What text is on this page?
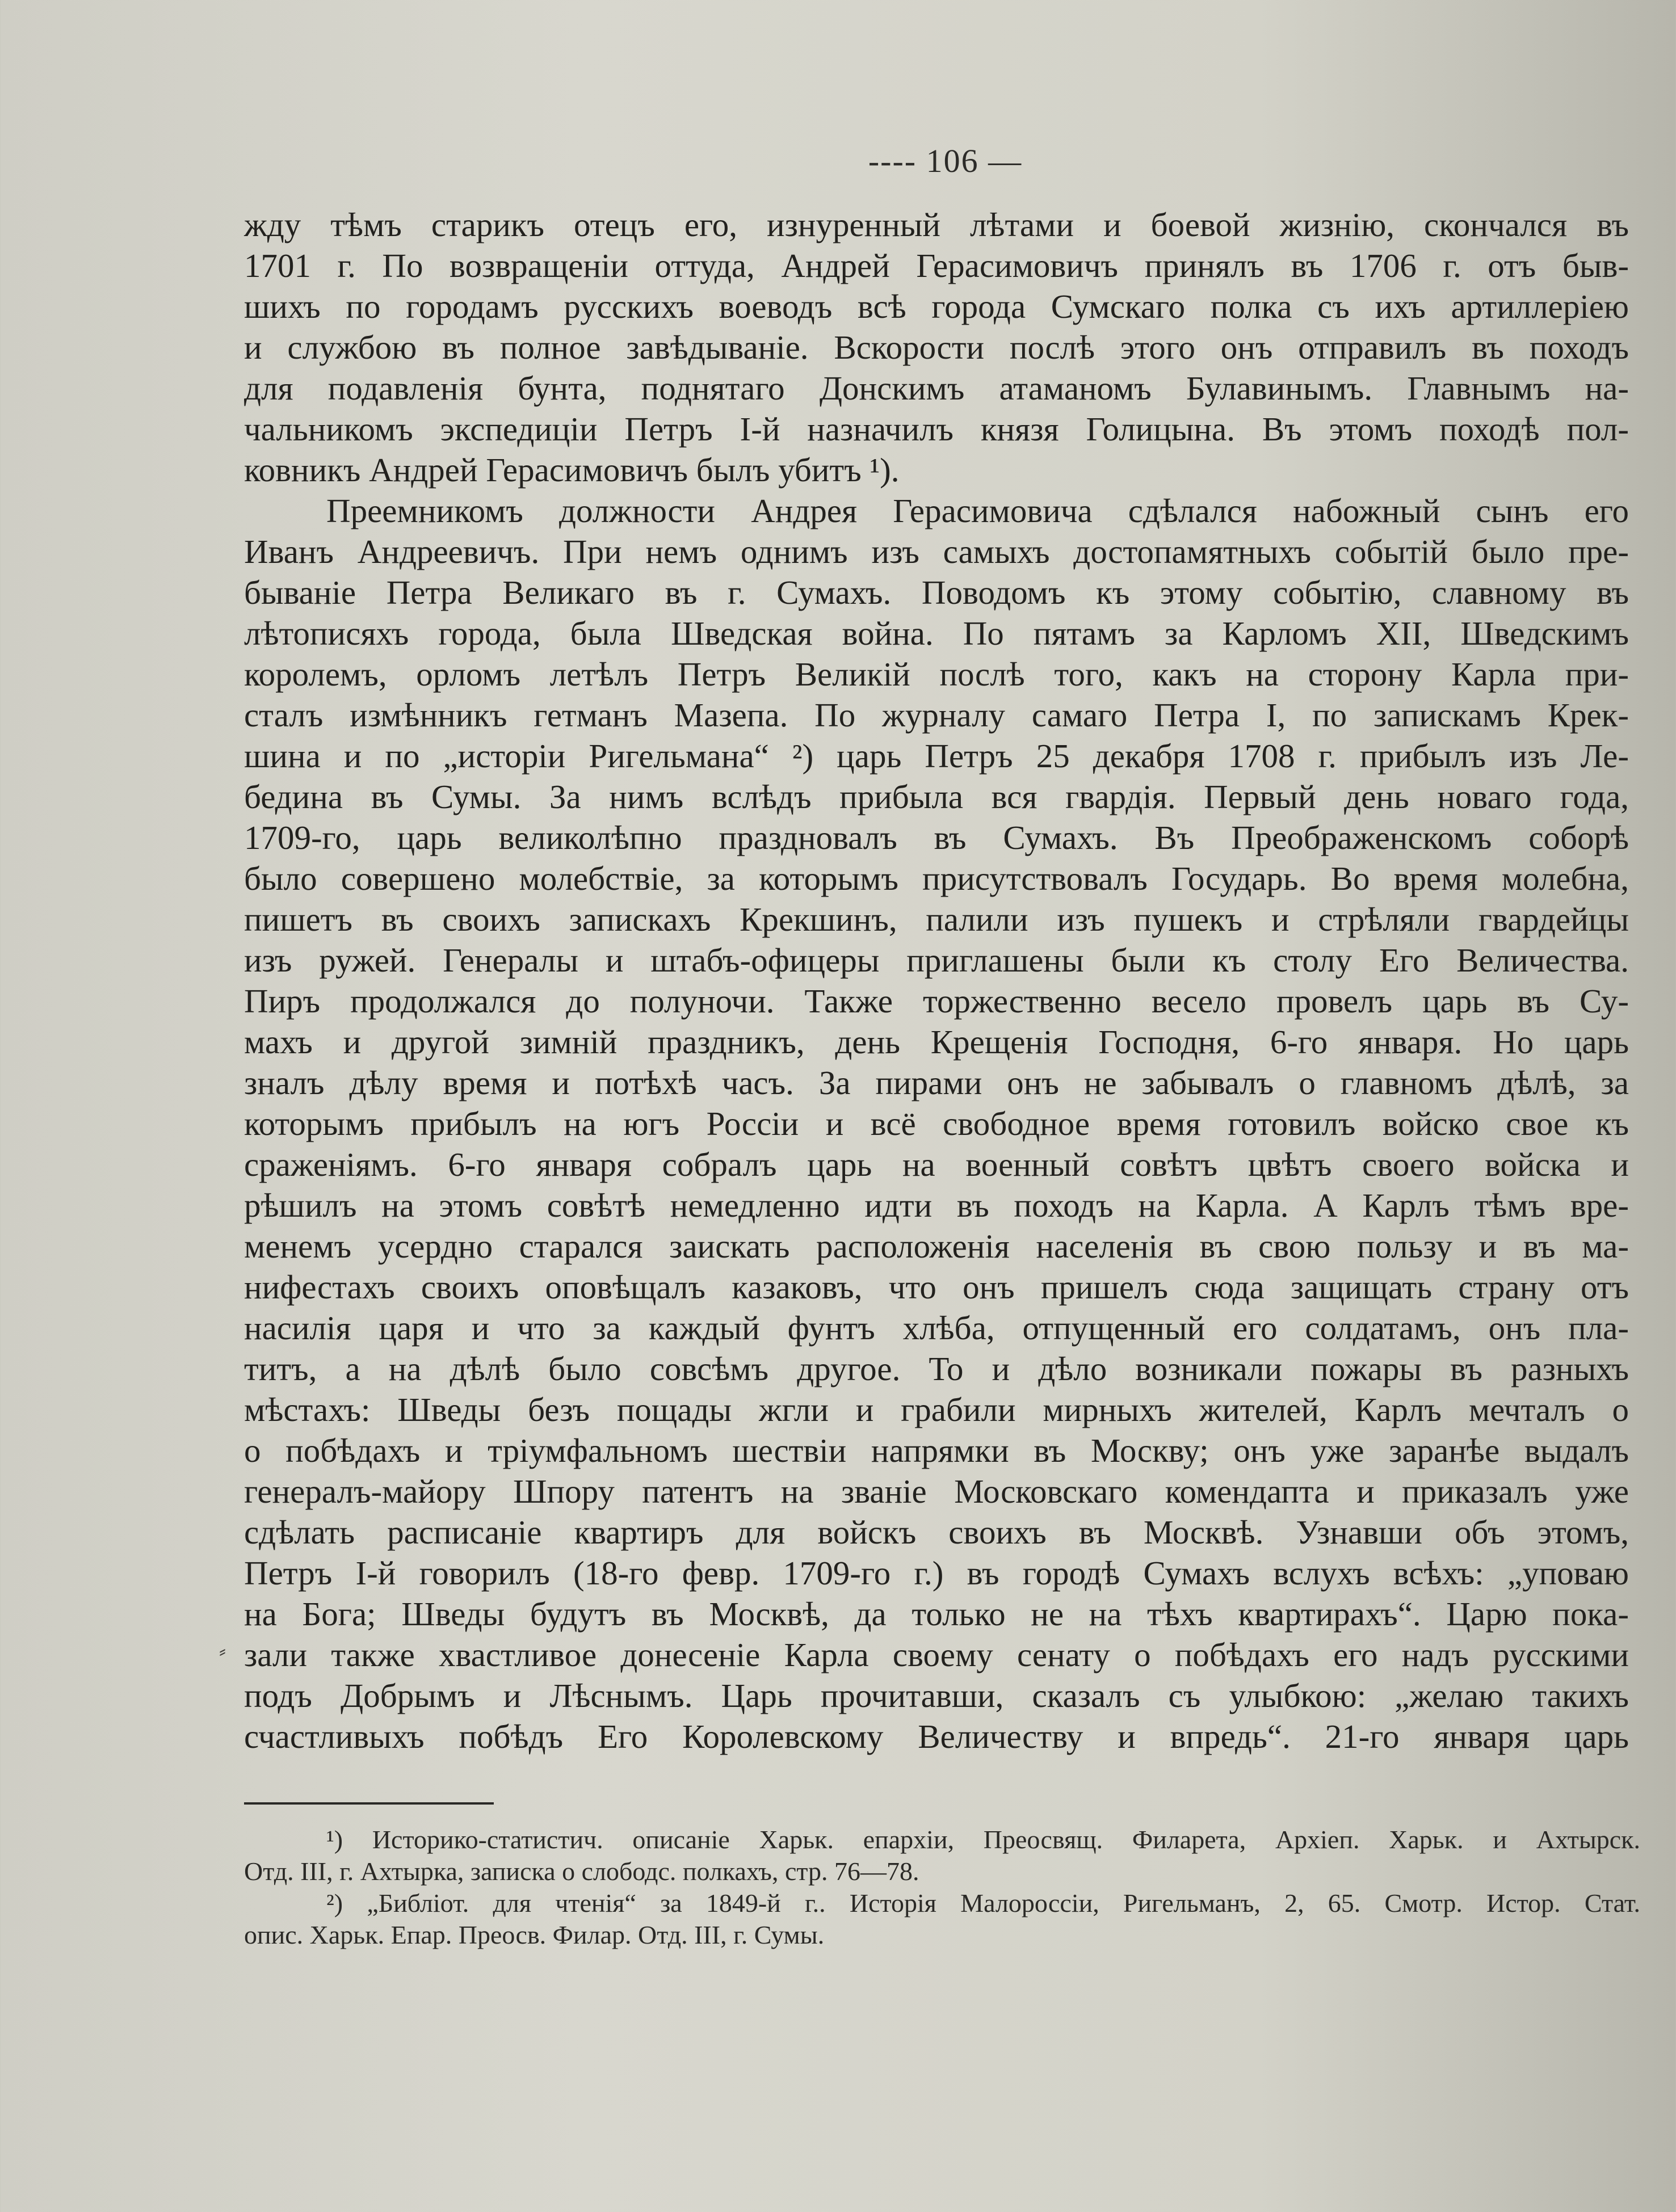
---- 106 —
жду тѣмъ старикъ отецъ его, изнуренный лѣтами и боевой жизнію, скончался въ
1701 г. По возвращеніи оттуда, Андрей Герасимовичъ принялъ въ 1706 г. отъ быв-
шихъ по городамъ русскихъ воеводъ всѣ города Сумскаго полка съ ихъ артиллеріею
и службою въ полное завѣдываніе. Вскорости послѣ этого онъ отправилъ въ походъ
для подавленія бунта, поднятаго Донскимъ атаманомъ Булавинымъ. Главнымъ на-
чальникомъ экспедиціи Петръ I-й назначилъ князя Голицына. Въ этомъ походѣ пол-
ковникъ Андрей Герасимовичъ былъ убитъ ¹).
Преемникомъ должности Андрея Герасимовича сдѣлался набожный сынъ его
Иванъ Андреевичъ. При немъ однимъ изъ самыхъ достопамятныхъ событій было пре-
быванiе Петра Великаго въ г. Сумахъ. Поводомъ къ этому событію, славному въ
лѣтописяхъ города, была Шведская война. По пятамъ за Карломъ XII, Шведскимъ
королемъ, орломъ летѣлъ Петръ Великій послѣ того, какъ на сторону Карла при-
сталъ измѣнникъ гетманъ Мазепа. По журналу самаго Петра I, по запискамъ Крек-
шина и по „исторіи Ригельмана“ ²) царь Петръ 25 декабря 1708 г. прибылъ изъ Ле-
бедина въ Сумы. За нимъ вслѣдъ прибыла вся гвардія. Первый день новаго года,
1709-го, царь великолѣпно праздновалъ въ Сумахъ. Въ Преображенскомъ соборѣ
было совершено молебствіе, за которымъ присутствовалъ Государь. Во время молебна,
пишетъ въ своихъ запискахъ Крекшинъ, палили изъ пушекъ и стрѣляли гвардейцы
изъ ружей. Генералы и штабъ-офицеры приглашены были къ столу Его Величества.
Пиръ продолжался до полуночи. Также торжественно весело провелъ царь въ Су-
махъ и другой зимній праздникъ, день Крещенія Господня, 6-го января. Но царь
зналъ дѣлу время и потѣхѣ часъ. За пирами онъ не забывалъ о главномъ дѣлѣ, за
которымъ прибылъ на югъ Россіи и всё свободное время готовилъ войско свое къ
сраженіямъ. 6-го января собралъ царь на военный совѣтъ цвѣтъ своего войска и
рѣшилъ на этомъ совѣтѣ немедленно идти въ походъ на Карла. А Карлъ тѣмъ вре-
менемъ усердно старался заискать расположенія населенія въ свою пользу и въ ма-
нифестахъ своихъ оповѣщалъ казаковъ, что онъ пришелъ сюда защищать страну отъ
насилія царя и что за каждый фунтъ хлѣба, отпущенный его солдатамъ, онъ пла-
титъ, а на дѣлѣ было совсѣмъ другое. То и дѣло возникали пожары въ разныхъ
мѣстахъ: Шведы безъ пощады жгли и грабили мирныхъ жителей, Карлъ мечталъ о
о побѣдахъ и тріумфальномъ шествіи напрямки въ Москву; онъ уже заранѣе выдалъ
генералъ-майору Шпору патентъ на званіе Московскаго комендапта и приказалъ уже
сдѣлать расписаніе квартиръ для войскъ своихъ въ Москвѣ. Узнавши объ этомъ,
Петръ I-й говорилъ (18-го февр. 1709-го г.) въ городѣ Сумахъ вслухъ всѣхъ: „уповаю
на Бога; Шведы будутъ въ Москвѣ, да только не на тѣхъ квартирахъ“. Царю пока-
зали также хвастливое донесеніе Карла своему сенату о побѣдахъ его надъ русскими
подъ Добрымъ и Лѣснымъ. Царь прочитавши, сказалъ съ улыбкою: „желаю такихъ
счастливыхъ побѣдъ Его Королевскому Величеству и впредь“. 21-го января царь
⸗
¹) Историко-статистич. описаніе Харьк. епархіи, Преосвящ. Филарета, Архіеп. Харьк. и Ахтырск.
Отд. III, г. Ахтырка, записка о слободс. полкахъ, стр. 76—78.
²) „Библіот. для чтенія“ за 1849-й г.. Исторія Малороссіи, Ригельманъ, 2, 65. Смотр. Истор. Стат.
опис. Харьк. Епар. Преосв. Филар. Отд. III, г. Сумы.
